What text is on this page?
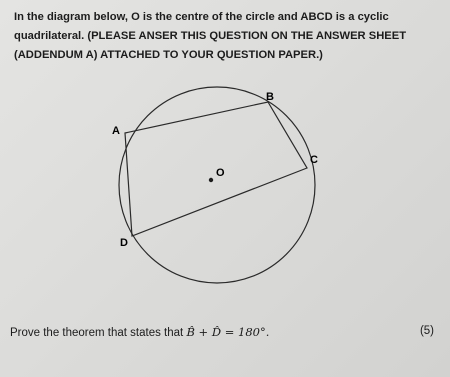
In the diagram below, O is the centre of the circle and ABCD is a cyclic

quadrilateral. (PLEASE ANSER THIS QUESTION ON THE ANSWER SHEET

(ADDENDUM A) ATTACHED TO YOUR QUESTION PAPER.)

A
B
C
D
O
Prove the theorem that states that B̂ + D̂ = 180°.	(5)
